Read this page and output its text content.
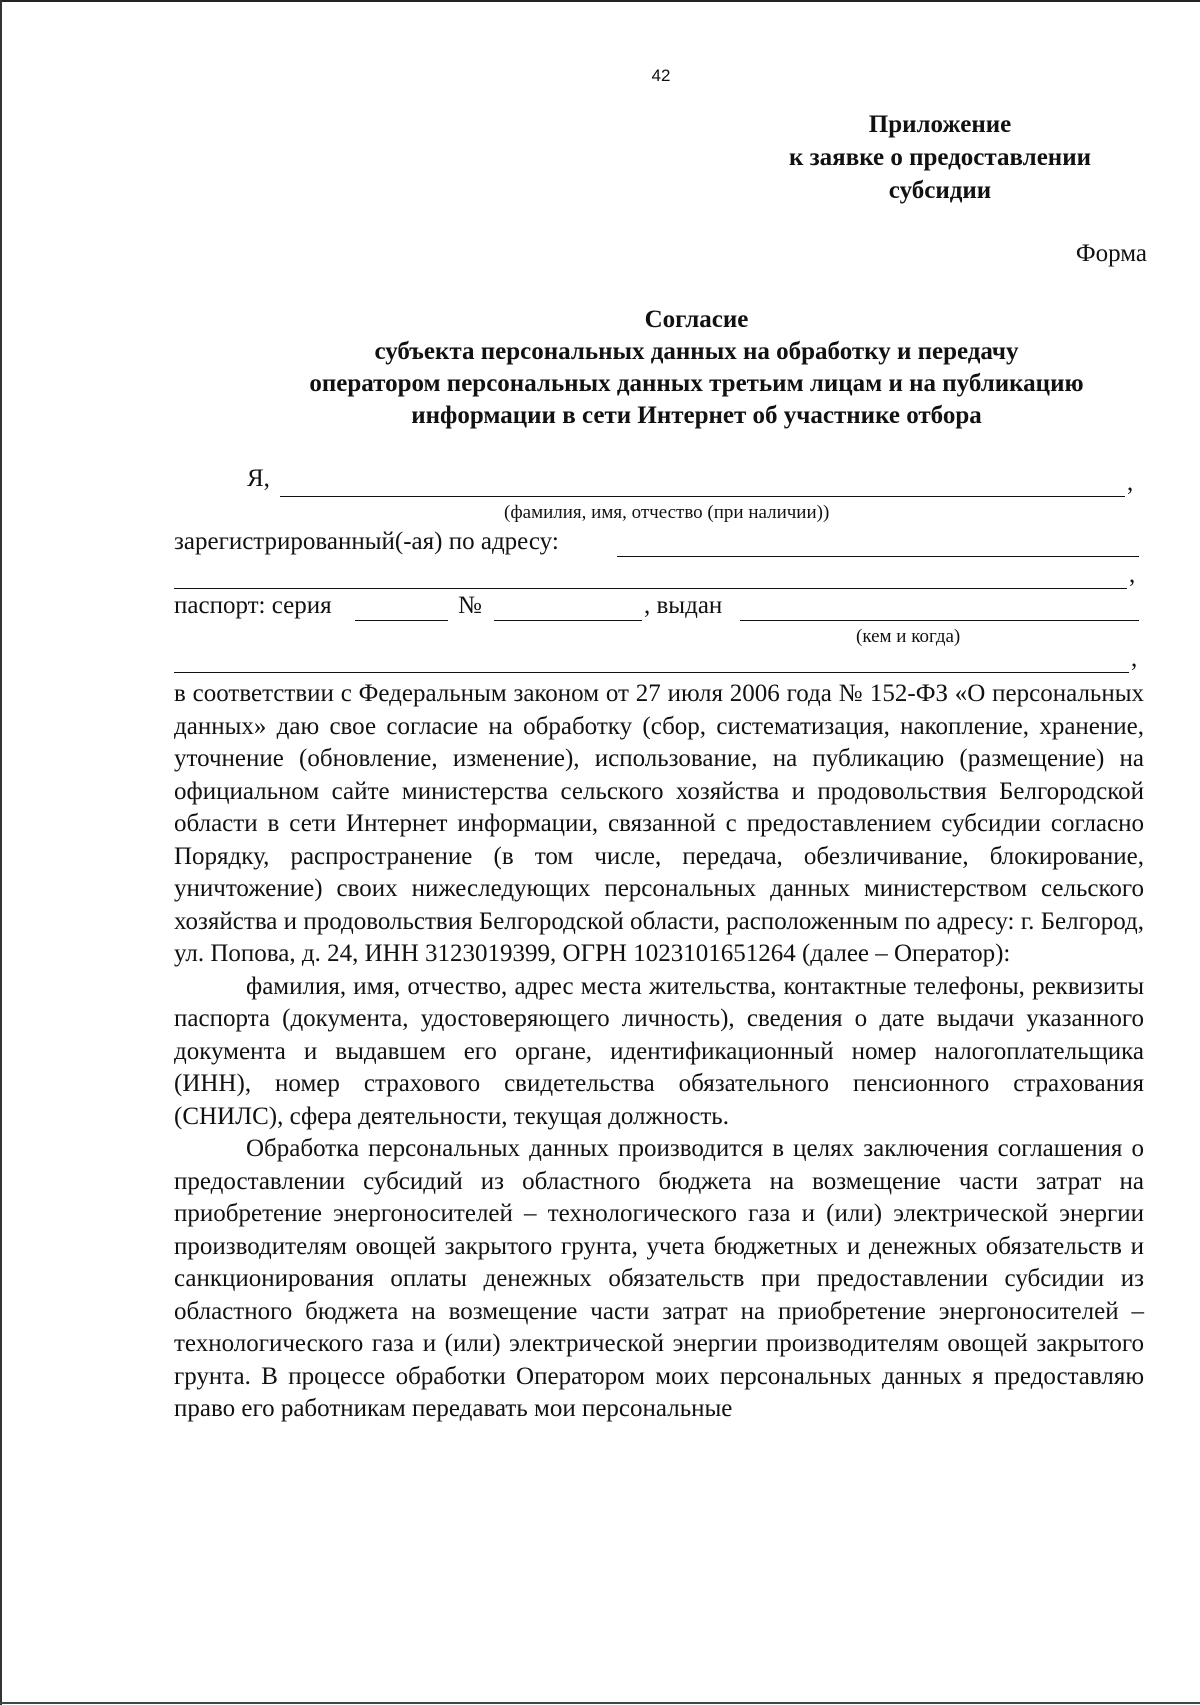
42
Приложение
к заявке о предоставлении
субсидии
Форма
Согласие
субъекта персональных данных на обработку и передачу
оператором персональных данных третьим лицам и на публикацию
информации в сети Интернет об участнике отбора
Я,	,
(фамилия, имя, отчество (при наличии))
зарегистрированный(-ая) по адресу:
,
паспорт: серия	№	, выдан
(кем и когда)
,

в соответствии с Федеральным законом от 27 июля 2006 года № 152-ФЗ «О персональных данных» даю свое согласие на обработку (сбор, систематизация, накопление, хранение, уточнение (обновление, изменение), использование, на публикацию (размещение) на официальном сайте министерства сельского хозяйства и продовольствия Белгородской области в сети Интернет информации, связанной с предоставлением субсидии согласно Порядку, распространение (в том числе, передача, обезличивание, блокирование, уничтожение) своих нижеследующих персональных данных министерством сельского хозяйства и продовольствия Белгородской области, расположенным по адресу: г. Белгород, ул. Попова, д. 24, ИНН 3123019399, ОГРН 1023101651264 (далее – Оператор):

фамилия, имя, отчество, адрес места жительства, контактные телефоны, реквизиты паспорта (документа, удостоверяющего личность), сведения о дате выдачи указанного документа и выдавшем его органе, идентификационный номер налогоплательщика (ИНН), номер страхового свидетельства обязательного пенсионного страхования (СНИЛС), сфера деятельности, текущая должность.

Обработка персональных данных производится в целях заключения соглашения о предоставлении субсидий из областного бюджета на возмещение части затрат на приобретение энергоносителей – технологического газа и (или) электрической энергии производителям овощей закрытого грунта, учета бюджетных и денежных обязательств и санкционирования оплаты денежных обязательств при предоставлении субсидии из областного бюджета на возмещение части затрат на приобретение энергоносителей – технологического газа и (или) электрической энергии производителям овощей закрытого грунта. В процессе обработки Оператором моих персональных данных я предоставляю право его работникам передавать мои персональные
